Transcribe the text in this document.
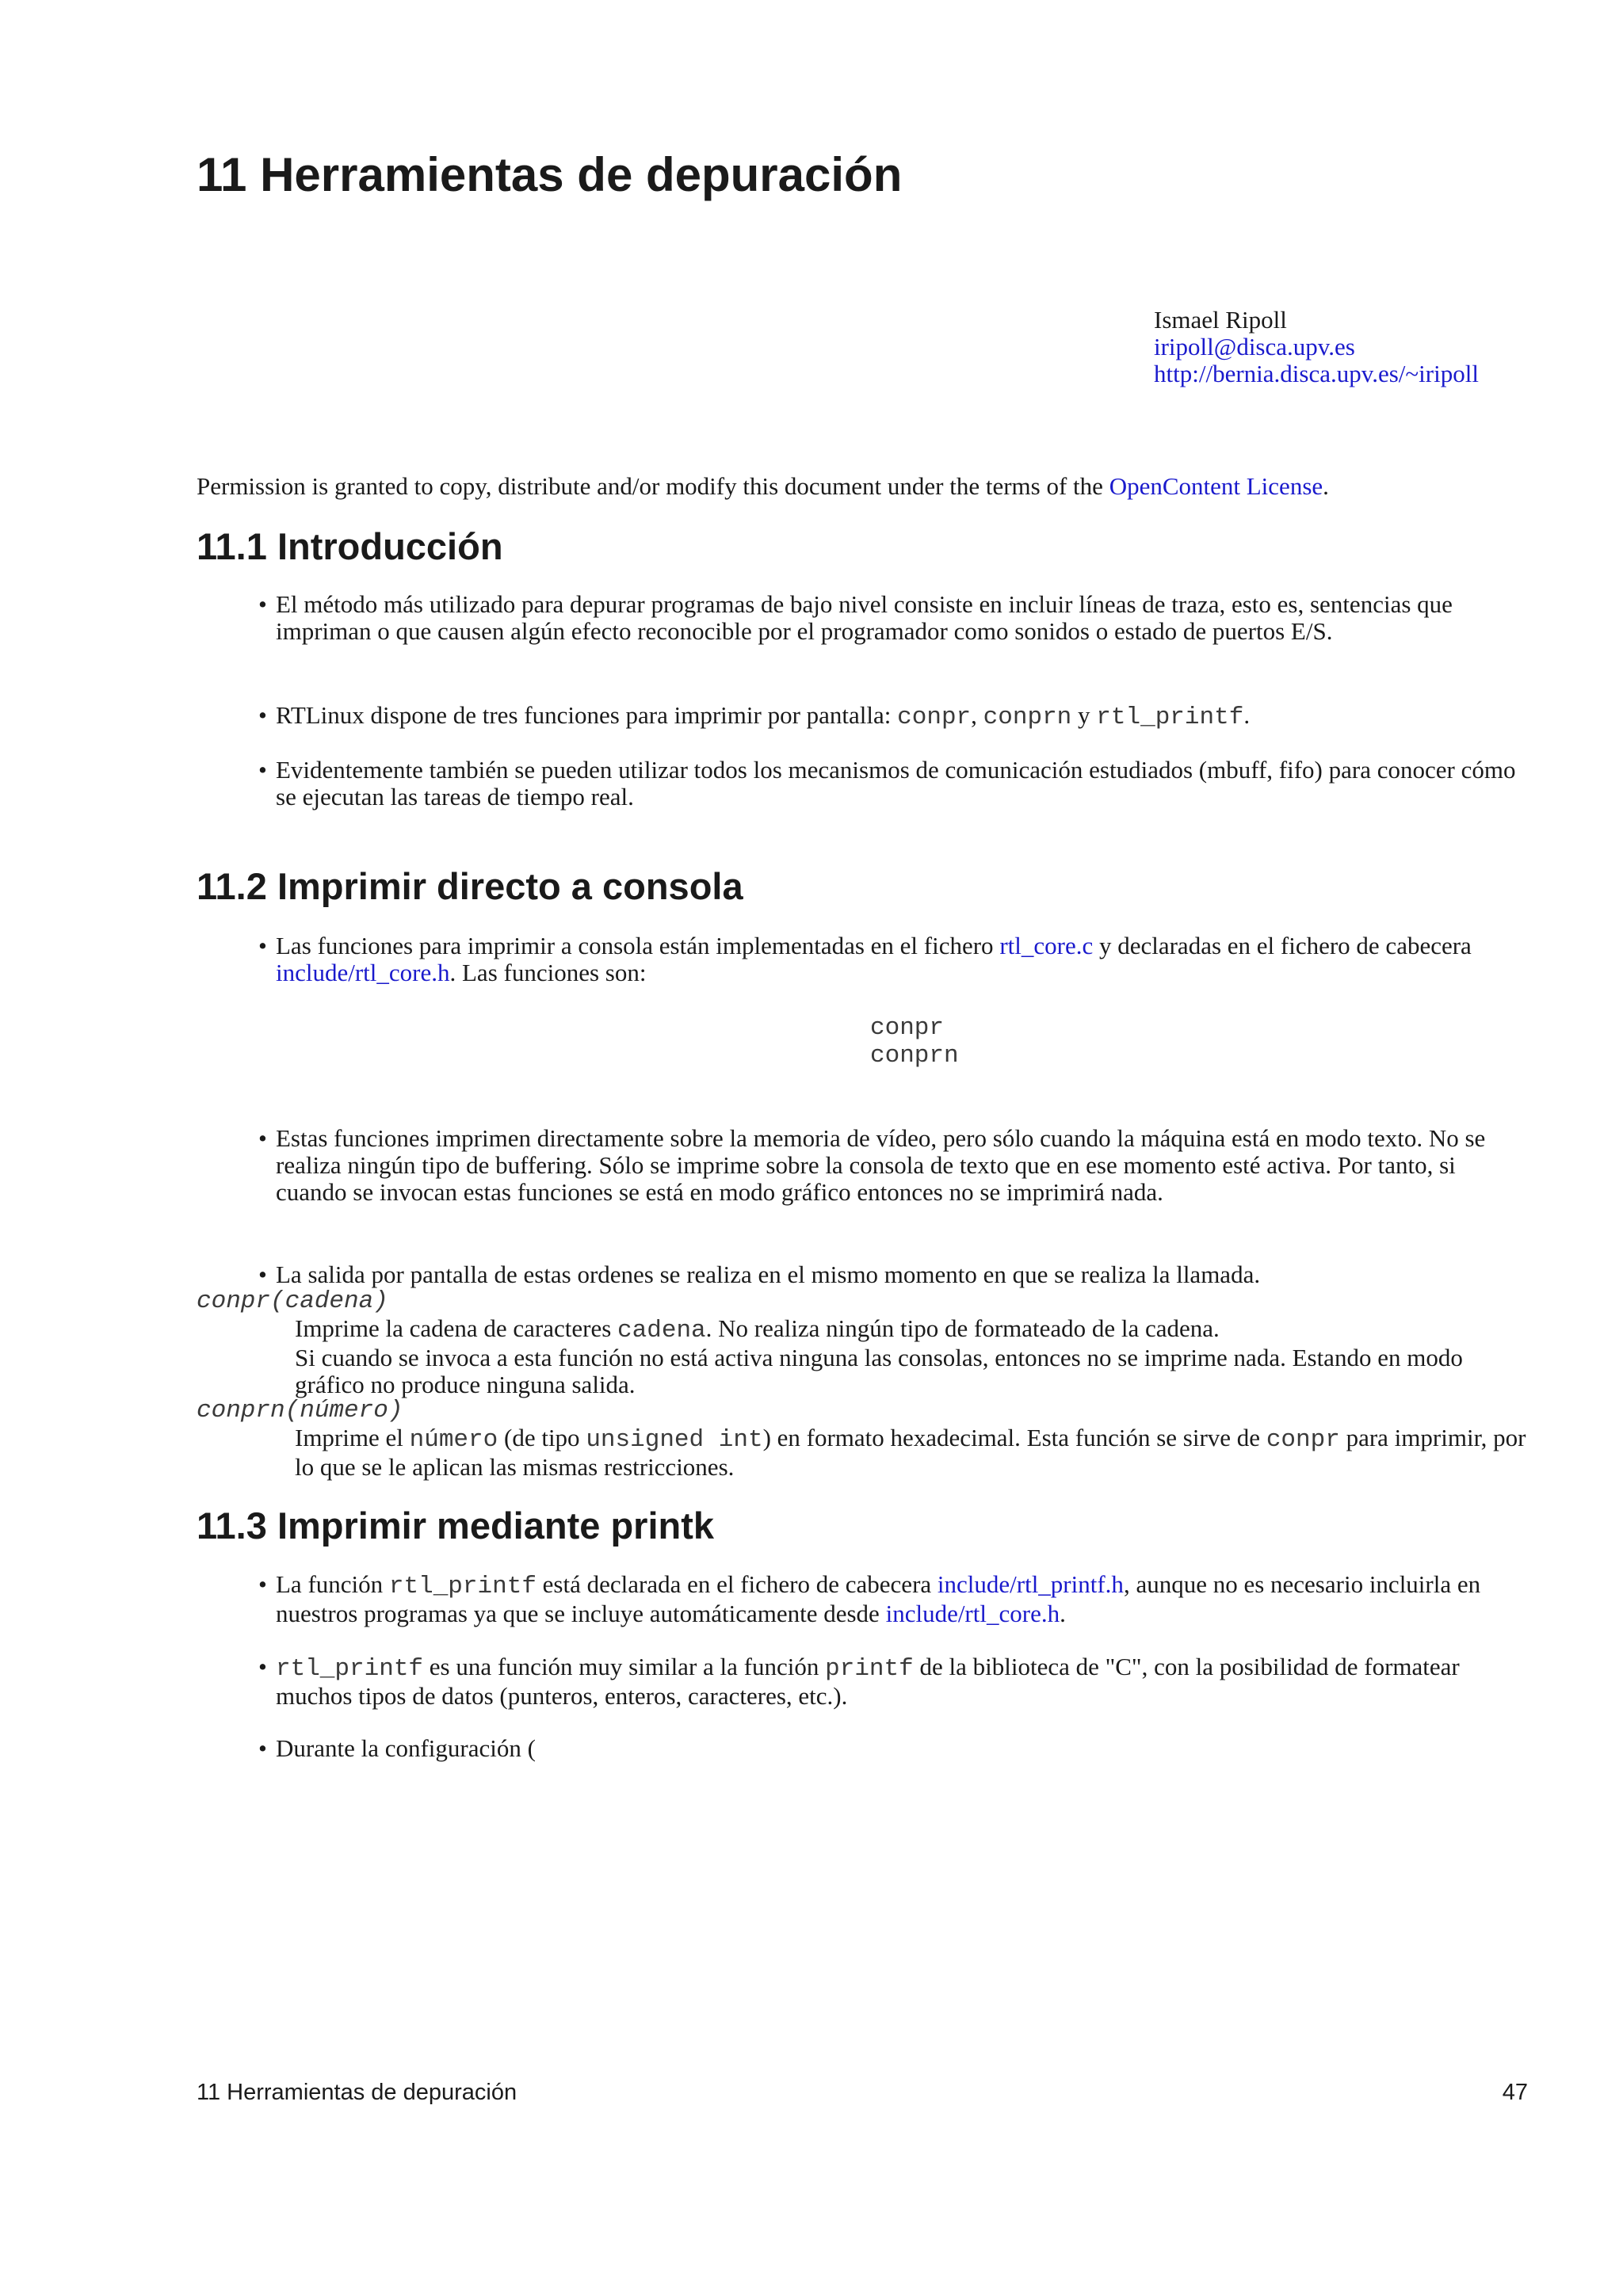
11 Herramientas de depuración
Ismael Ripoll
iripoll@disca.upv.es
http://bernia.disca.upv.es/~iripoll
Permission is granted to copy, distribute and/or modify this document under the terms of the OpenContent License.
11.1 Introducción

• El método más utilizado para depurar programas de bajo nivel consiste en incluir líneas de traza, esto es, sentencias que impriman o que causen algún efecto reconocible por el programador como sonidos o estado de puertos E/S.

• RTLinux dispone de tres funciones para imprimir por pantalla: conpr, conprn y rtl_printf.

• Evidentemente también se pueden utilizar todos los mecanismos de comunicación estudiados (mbuff, fifo) para conocer cómo se ejecutan las tareas de tiempo real.

11.2 Imprimir directo a consola

• Las funciones para imprimir a consola están implementadas en el fichero rtl_core.c y declaradas en el fichero de cabecera include/rtl_core.h. Las funciones son:

conpr
conprn

• Estas funciones imprimen directamente sobre la memoria de vídeo, pero sólo cuando la máquina está en modo texto. No se realiza ningún tipo de buffering. Sólo se imprime sobre la consola de texto que en ese momento esté activa. Por tanto, si cuando se invocan estas funciones se está en modo gráfico entonces no se imprimirá nada.

• La salida por pantalla de estas ordenes se realiza en el mismo momento en que se realiza la llamada.

conpr(cadena)
Imprime la cadena de caracteres cadena. No realiza ningún tipo de formateado de la cadena.
Si cuando se invoca a esta función no está activa ninguna las consolas, entonces no se imprime nada. Estando en modo gráfico no produce ninguna salida.
conprn(número)
Imprime el número (de tipo unsigned int) en formato hexadecimal. Esta función se sirve de conpr para imprimir, por lo que se le aplican las mismas restricciones.
11.3 Imprimir mediante printk

• La función rtl_printf está declarada en el fichero de cabecera include/rtl_printf.h, aunque no es necesario incluirla en nuestros programas ya que se incluye automáticamente desde include/rtl_core.h.

• rtl_printf es una función muy similar a la función printf de la biblioteca de "C", con la posibilidad de formatear muchos tipos de datos (punteros, enteros, caracteres, etc.).

• Durante la configuración (

11 Herramientas de depuración	47
